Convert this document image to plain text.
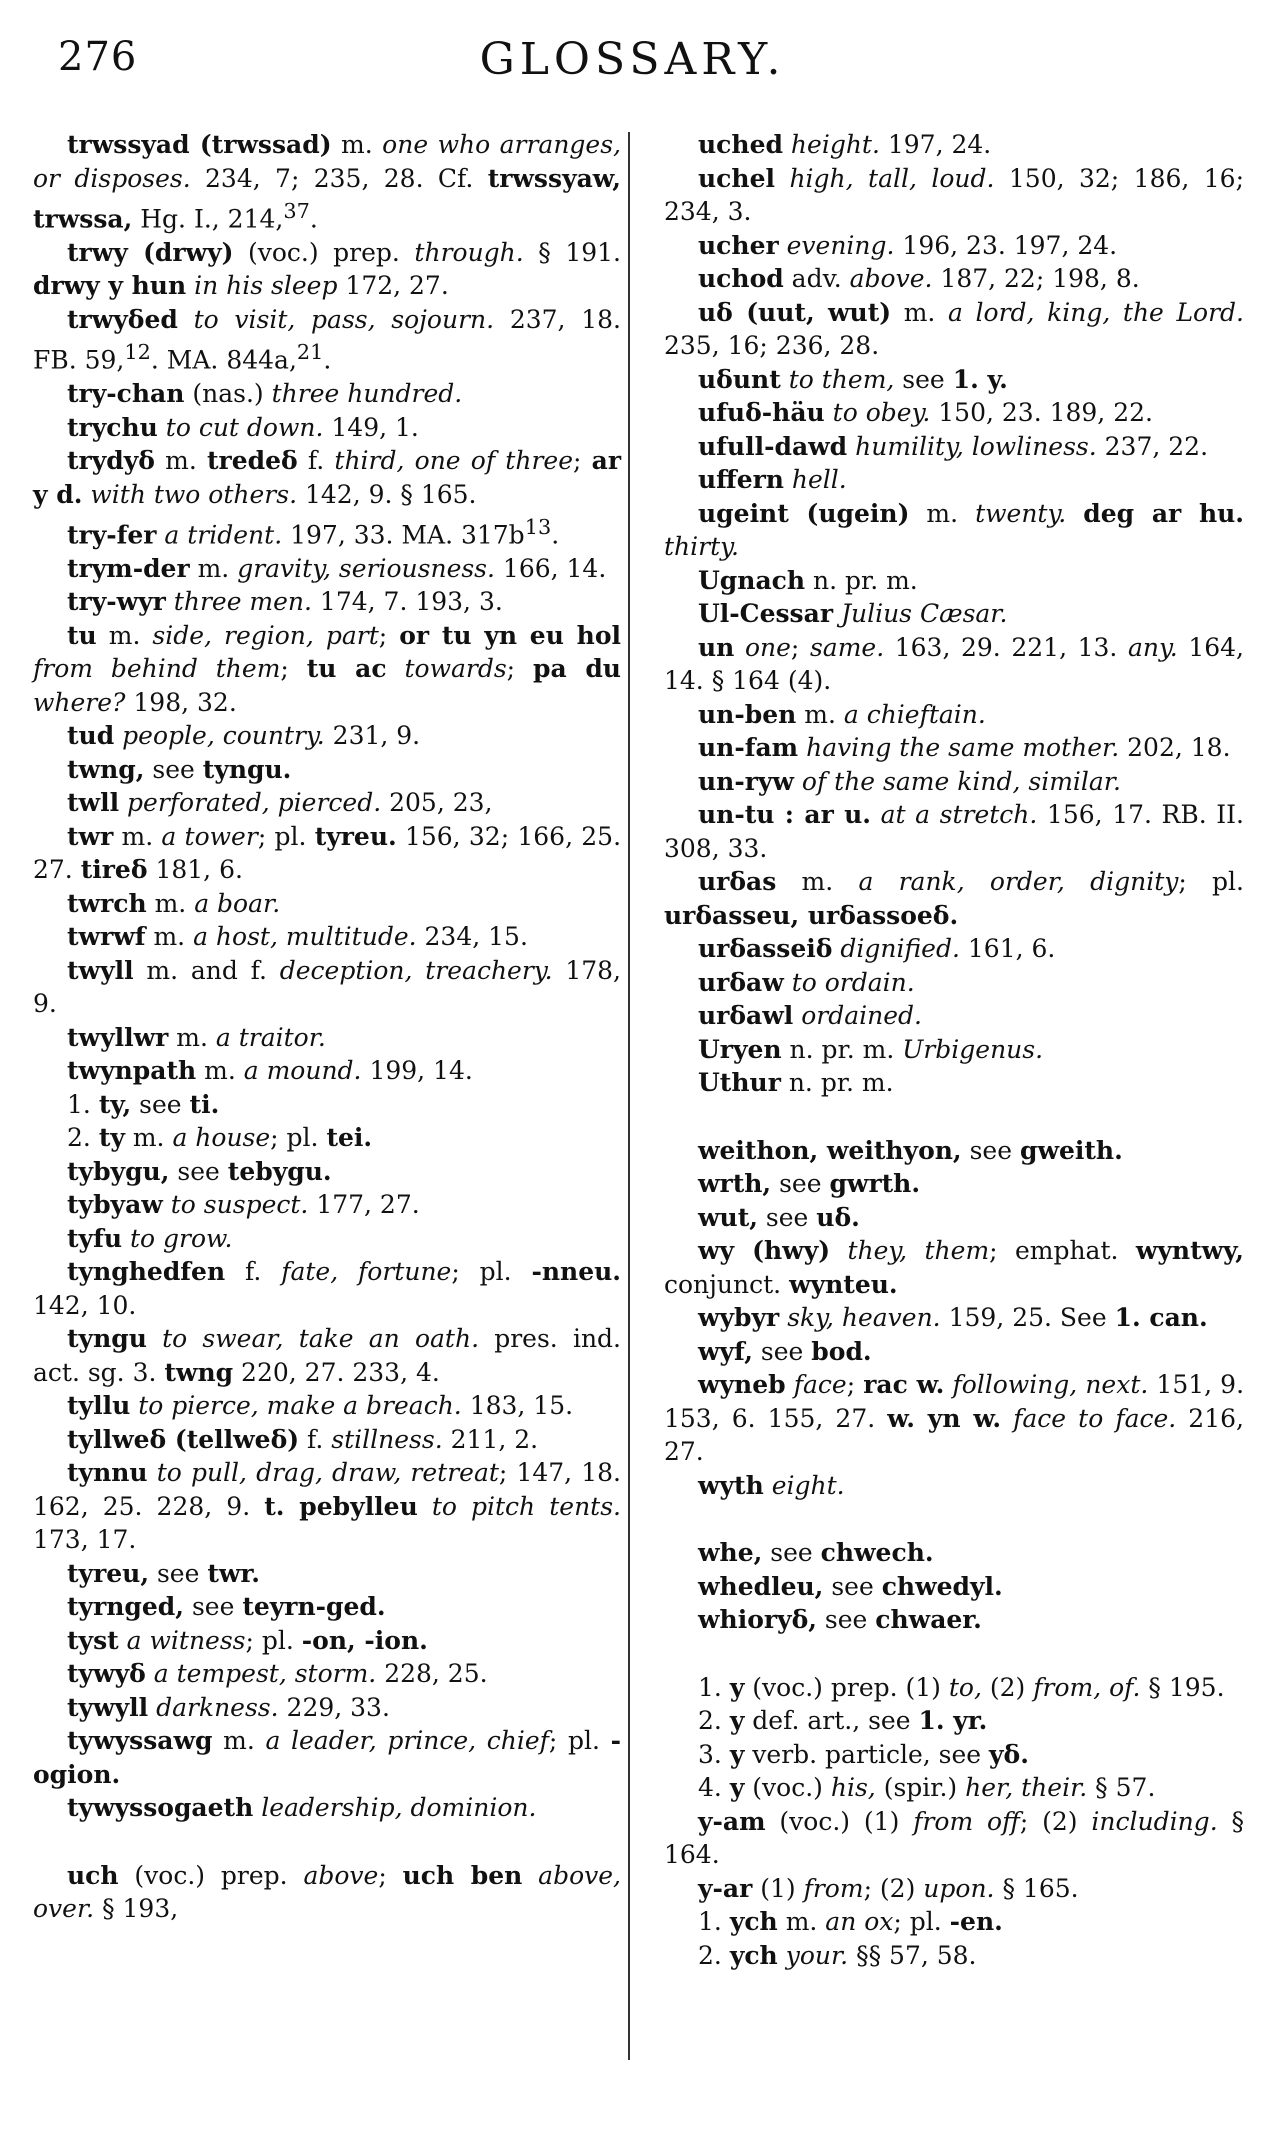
276	GLOSSARY.
trwssyad (trwssad) m. one who arranges, or disposes. 234, 7; 235, 28. Cf. trwssyaw, trwssa, Hg. I., 214,37.
trwy (drwy) (voc.) prep. through. § 191. drwy y hun in his sleep 172, 27.
trwyδed to visit, pass, sojourn. 237, 18. FB. 59,12. MA. 844a,$^{21}$.
try-chan (nas.) three hundred.
trychu to cut down. 149, 1.
trydyδ m. tredeδ f. third, one of three; ar y d. with two others. 142, 9. § 165.
try-fer a trident. 197, 33. MA. $317b^{13}$.
trym-der m. gravity, seriousness. 166, 14.
try-wyr three men. 174, 7. 193, 3.
tu m. side, region, part; or tu yn eu hol from behind them; tu ac towards; pa du where? 198, 32.
tud people, country. 231, 9.
twng, see tyngu.
twll perforated, pierced. 205, 23,
twr m. a tower; pl. tyreu. 156, 32; 166, 25. 27. tireδ 181, 6.
twrch m. a boar.
twrwf m. a host, multitude. 234, 15.
twyll m. and f. deception, treachery. 178, 9.
twyllwr m. a traitor.
twynpath m. a mound. 199, 14.
1. ty, see ti.
2. ty m. a house; pl. tei.
tybygu, see tebygu.
tybyaw to suspect. 177, 27.
tyfu to grow.
tynghedfen f. fate, fortune; pl. -nneu. 142, 10.
tyngu to swear, take an oath. pres. ind. act. sg. 3. twng 220, 27. 233, 4.
tyllu to pierce, make a breach. 183, 15.
tyllweδ (tellweδ) f. stillness. 211, 2.
tynnu to pull, drag, draw, retreat; 147, 18. 162, 25. 228, 9. t. pebylleu to pitch tents. 173, 17.
tyreu, see twr.
tyrnged, see teyrn-ged.
tyst a witness; pl. -on, -ion.
tywyδ a tempest, storm. 228, 25.
tywyll darkness. 229, 33.
tywyssawg m. a leader, prince, chief; pl. -ogion.
tywyssogaeth leadership, dominion.
uch (voc.) prep. above; uch ben above, over. § 193,
uched height. 197, 24.
uchel high, tall, loud. 150, 32; 186, 16; 234, 3.
ucher evening. 196, 23. 197, 24.
uchod adv. above. 187, 22; 198, 8.
uδ (uut, wut) m. a lord, king, the Lord. 235, 16; 236, 28.
uδunt to them, see 1. y.
ufuδ-häu to obey. 150, 23. 189, 22.
ufull-dawd humility, lowliness. 237, 22.
uffern hell.
ugeint (ugein) m. twenty. deg ar hu. thirty.
Ugnach n. pr. m.
Ul-Cessar Julius Cæsar.
un one; same. 163, 29. 221, 13. any. 164, 14. § 164 (4).
un-ben m. a chieftain.
un-fam having the same mother. 202, 18.
un-ryw of the same kind, similar.
un-tu : ar u. at a stretch. 156, 17. RB. II. 308, 33.
urδas m. a rank, order, dignity; pl. urδasseu, urδassoeδ.
urδasseiδ dignified. 161, 6.
urδaw to ordain.
urδawl ordained.
Uryen n. pr. m. Urbigenus.
Uthur n. pr. m.
weithon, weithyon, see gweith.
wrth, see gwrth.
wut, see uδ.
wy (hwy) they, them; emphat. wyntwy, conjunct. wynteu.
wybyr sky, heaven. 159, 25. See 1. can.
wyf, see bod.
wyneb face; rac w. following, next. 151, 9. 153, 6. 155, 27. w. yn w. face to face. 216, 27.
wyth eight.
whe, see chwech.
whedleu, see chwedyl.
whioryδ, see chwaer.
1. y (voc.) prep. (1) to, (2) from, of. § 195.
2. y def. art., see 1. yr.
3. y verb. particle, see yδ.
4. y (voc.) his, (spir.) her, their. § 57.
y-am (voc.) (1) from off; (2) including. § 164.
y-ar (1) from; (2) upon. § 165.
1. ych m. an ox; pl. -en.
2. ych your. §§ 57, 58.
